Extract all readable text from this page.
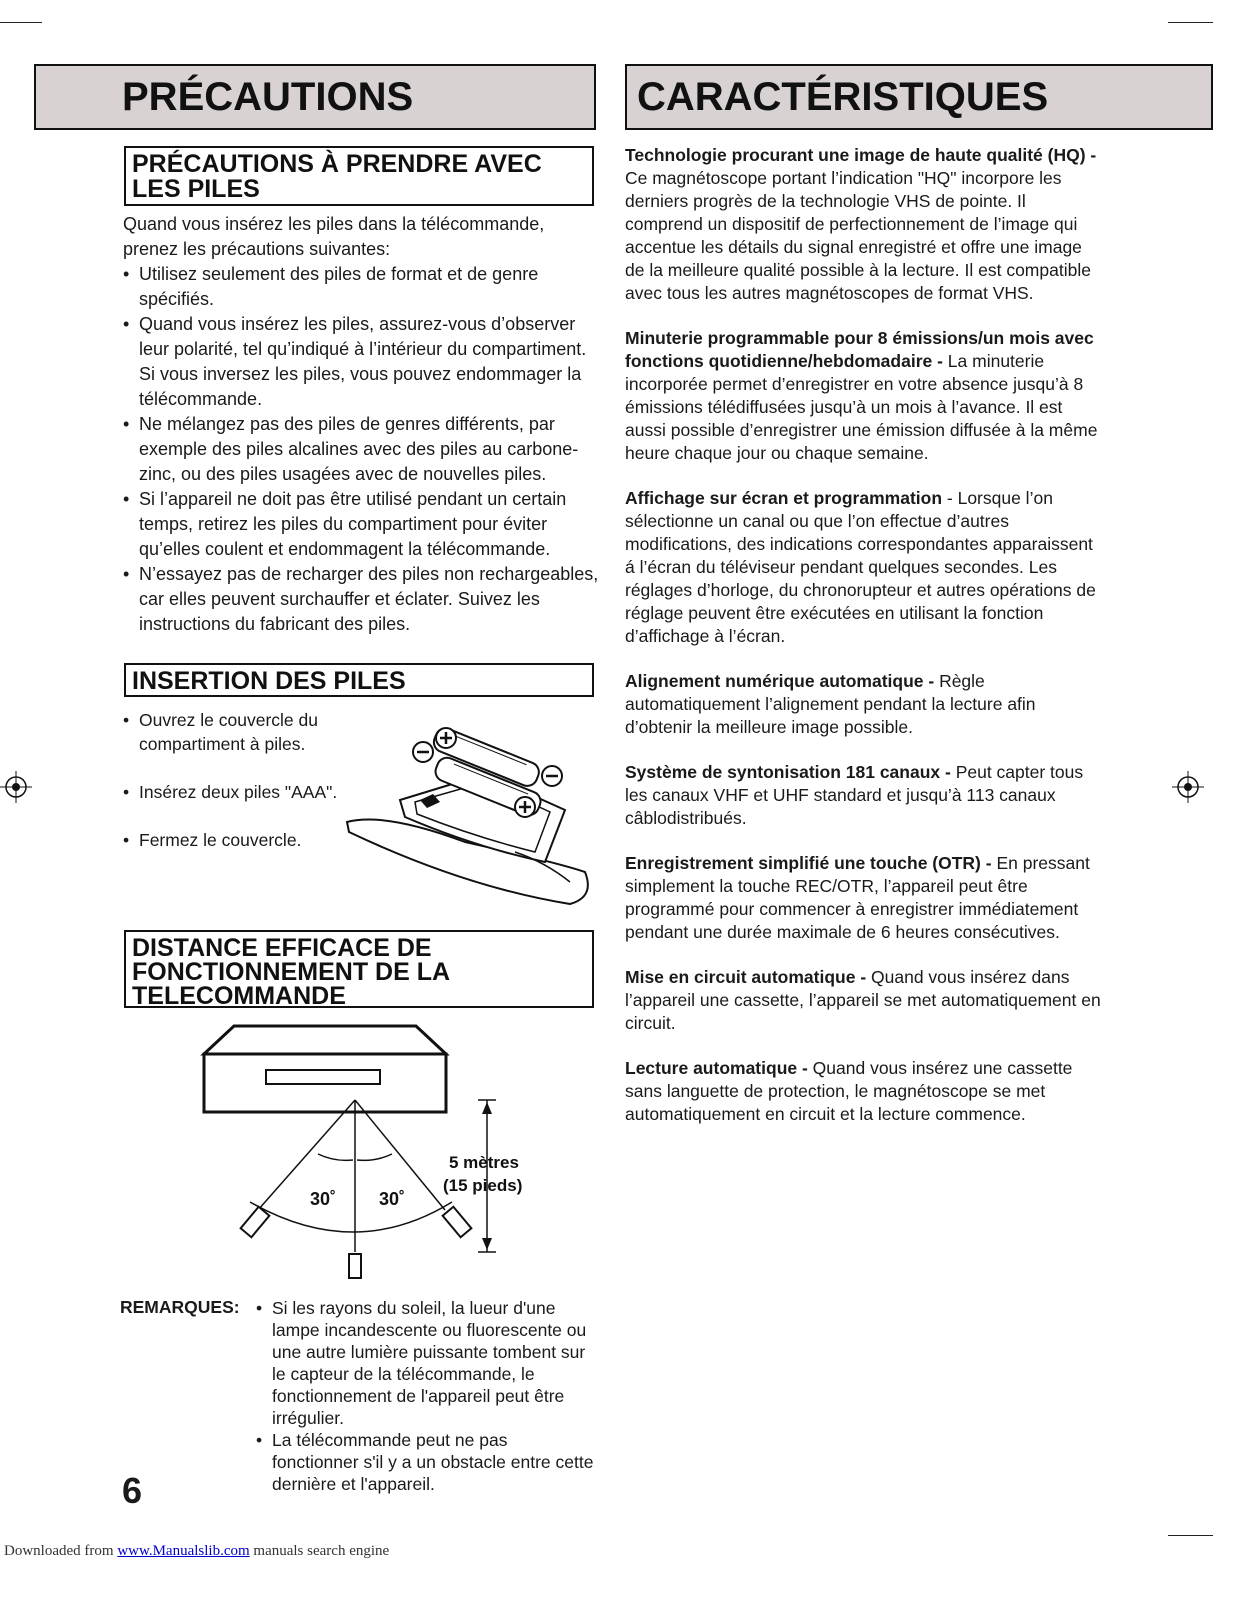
PRÉCAUTIONS	CARACTÉRISTIQUES
PRÉCAUTIONS À PRENDRE AVEC LES PILES
Quand vous insérez les piles dans la télécommande, prenez les précautions suivantes:
• Utilisez seulement des piles de format et de genre spécifiés.
• Quand vous insérez les piles, assurez-vous d’observer leur polarité, tel qu’indiqué à l’intérieur du compartiment. Si vous inversez les piles, vous pouvez endommager la télécommande.
• Ne mélangez pas des piles de genres différents, par exemple des piles alcalines avec des piles au carbone-zinc, ou des piles usagées avec de nouvelles piles.
• Si l’appareil ne doit pas être utilisé pendant un certain temps, retirez les piles du compartiment pour éviter qu’elles coulent et endommagent la télécommande.
• N’essayez pas de recharger des piles non rechargeables, car elles peuvent surchauffer et éclater. Suivez les instructions du fabricant des piles.
INSERTION DES PILES
• Ouvrez le couvercle du compartiment à piles.
• Insérez deux piles "AAA".
• Fermez le couvercle.
DISTANCE EFFICACE DE FONCTIONNEMENT DE LA TELECOMMANDE
30˚ 30˚
5 mètres
(15 pieds)
REMARQUES:
•	Si les rayons du soleil, la lueur d'une lampe incandescente ou fluorescente ou une autre lumière puissante tombent sur le capteur de la télécommande, le fonctionnement de l'appareil peut être irrégulier.
• La télécommande peut ne pas fonctionner s'il y a un obstacle entre cette dernière et l'appareil.

Technologie procurant une image de haute qualité (HQ) - Ce magnétoscope portant l’indication "HQ" incorpore les derniers progrès de la technologie VHS de pointe. Il comprend un dispositif de perfectionnement de l’image qui accentue les détails du signal enregistré et offre une image de la meilleure qualité possible à la lecture. Il est compatible avec tous les autres magnétoscopes de format VHS.

Minuterie programmable pour 8 émissions/un mois avec fonctions quotidienne/hebdomadaire - La minuterie incorporée permet d’enregistrer en votre absence jusqu’à 8 émissions télédiffusées jusqu’à un mois à l’avance. Il est aussi possible d’enregistrer une émission diffusée à la même heure chaque jour ou chaque semaine.

Affichage sur écran et programmation - Lorsque l’on sélectionne un canal ou que l’on effectue d’autres modifications, des indications correspondantes apparaissent á l’écran du téléviseur pendant quelques secondes. Les réglages d’horloge, du chronorupteur et autres opérations de réglage peuvent être exécutées en utilisant la fonction d’affichage à l’écran.

Alignement numérique automatique - Règle automatiquement l’alignement pendant la lecture afin d’obtenir la meilleure image possible.

Système de syntonisation 181 canaux - Peut capter tous les canaux VHF et UHF standard et jusqu’à 113 canaux câblodistribués.

Enregistrement simplifié une touche (OTR) - En pressant simplement la touche REC/OTR, l’appareil peut être programmé pour commencer à enregistrer immédiatement pendant une durée maximale de 6 heures consécutives.

Mise en circuit automatique - Quand vous insérez dans l’appareil une cassette, l’appareil se met automatiquement en circuit.

Lecture automatique - Quand vous insérez une cassette sans languette de protection, le magnétoscope se met automatiquement en circuit et la lecture commence.

6
Downloaded from www.Manualslib.com manuals search engine
